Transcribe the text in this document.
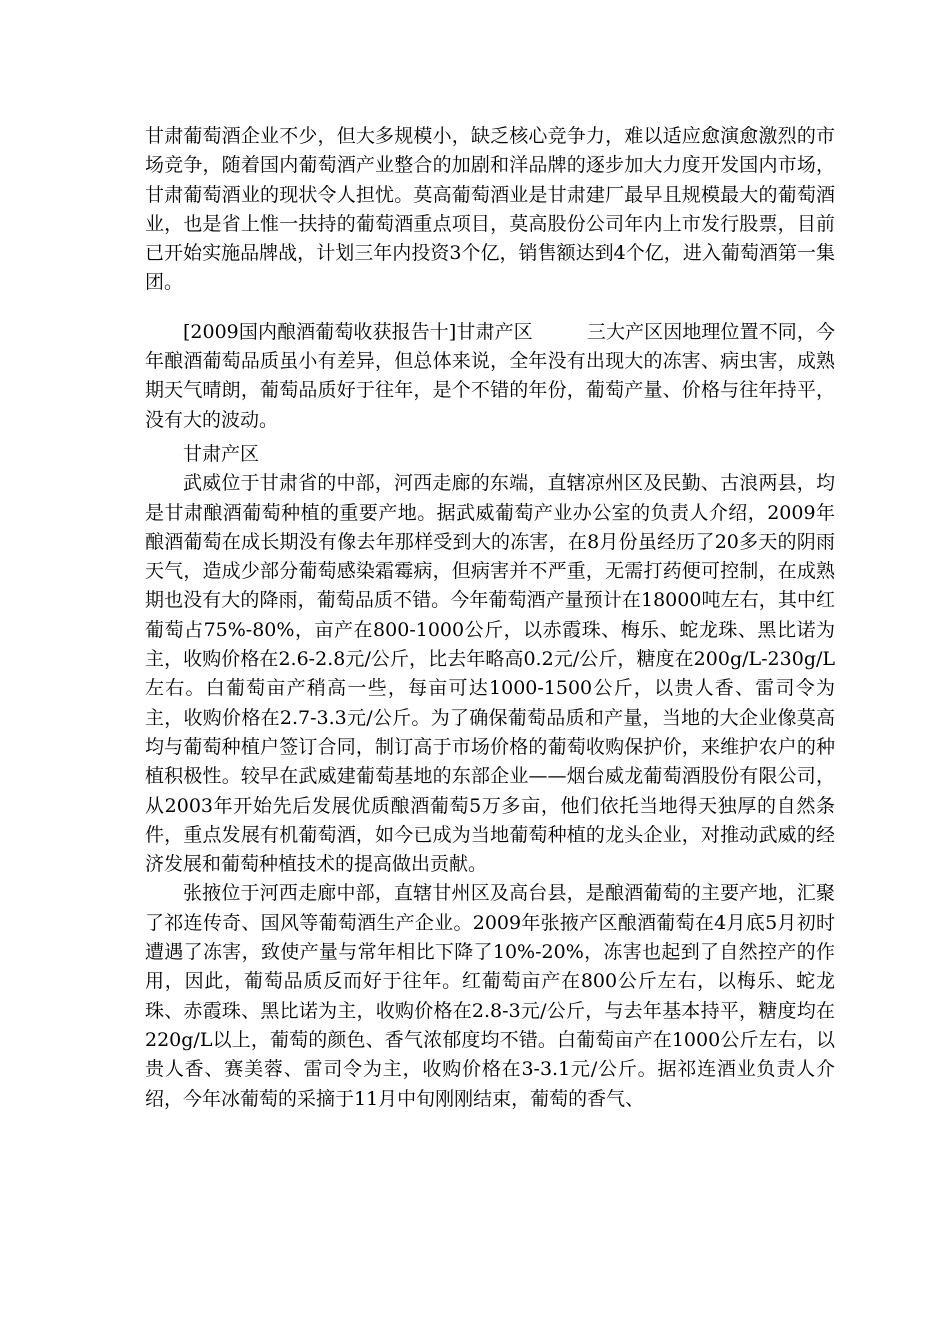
甘肃葡萄酒企业不少，但大多规模小，缺乏核心竞争力，难以适应愈演愈激烈的市场竞争，随着国内葡萄酒产业整合的加剧和洋品牌的逐步加大力度开发国内市场，甘肃葡萄酒业的现状令人担忧。莫高葡萄酒业是甘肃建厂最早且规模最大的葡萄酒业，也是省上惟一扶持的葡萄酒重点项目，莫高股份公司年内上市发行股票，目前已开始实施品牌战，计划三年内投资3个亿，销售额达到4个亿，进入葡萄酒第一集团。

[2009国内酿酒葡萄收获报告十]甘肃产区	三大产区因地理位置不同，今年酿酒葡萄品质虽小有差异，但总体来说，全年没有出现大的冻害、病虫害，成熟期天气晴朗，葡萄品质好于往年，是个不错的年份，葡萄产量、价格与往年持平，没有大的波动。

甘肃产区

武威位于甘肃省的中部，河西走廊的东端，直辖凉州区及民勤、古浪两县，均是甘肃酿酒葡萄种植的重要产地。据武威葡萄产业办公室的负责人介绍，2009年酿酒葡萄在成长期没有像去年那样受到大的冻害，在8月份虽经历了20多天的阴雨天气，造成少部分葡萄感染霜霉病，但病害并不严重，无需打药便可控制，在成熟期也没有大的降雨，葡萄品质不错。今年葡萄酒产量预计在18000吨左右，其中红葡萄占75%-80%，亩产在800-1000公斤，以赤霞珠、梅乐、蛇龙珠、黑比诺为主，收购价格在2.6-2.8元/公斤，比去年略高0.2元/公斤，糖度在200g/L-230g/L左右。白葡萄亩产稍高一些，每亩可达1000-1500公斤，以贵人香、雷司令为主，收购价格在2.7-3.3元/公斤。为了确保葡萄品质和产量，当地的大企业像莫高均与葡萄种植户签订合同，制订高于市场价格的葡萄收购保护价，来维护农户的种植积极性。较早在武威建葡萄基地的东部企业——烟台威龙葡萄酒股份有限公司，从2003年开始先后发展优质酿酒葡萄5万多亩，他们依托当地得天独厚的自然条件，重点发展有机葡萄酒，如今已成为当地葡萄种植的龙头企业，对推动武威的经济发展和葡萄种植技术的提高做出贡献。

张掖位于河西走廊中部，直辖甘州区及高台县，是酿酒葡萄的主要产地，汇聚了祁连传奇、国风等葡萄酒生产企业。2009年张掖产区酿酒葡萄在4月底5月初时遭遇了冻害，致使产量与常年相比下降了10%-20%，冻害也起到了自然控产的作用，因此，葡萄品质反而好于往年。红葡萄亩产在800公斤左右，以梅乐、蛇龙珠、赤霞珠、黑比诺为主，收购价格在2.8-3元/公斤，与去年基本持平，糖度均在220g/L以上，葡萄的颜色、香气浓郁度均不错。白葡萄亩产在1000公斤左右，以贵人香、赛美蓉、雷司令为主，收购价格在3-3.1元/公斤。据祁连酒业负责人介绍，今年冰葡萄的采摘于11月中旬刚刚结束，葡萄的香气、
